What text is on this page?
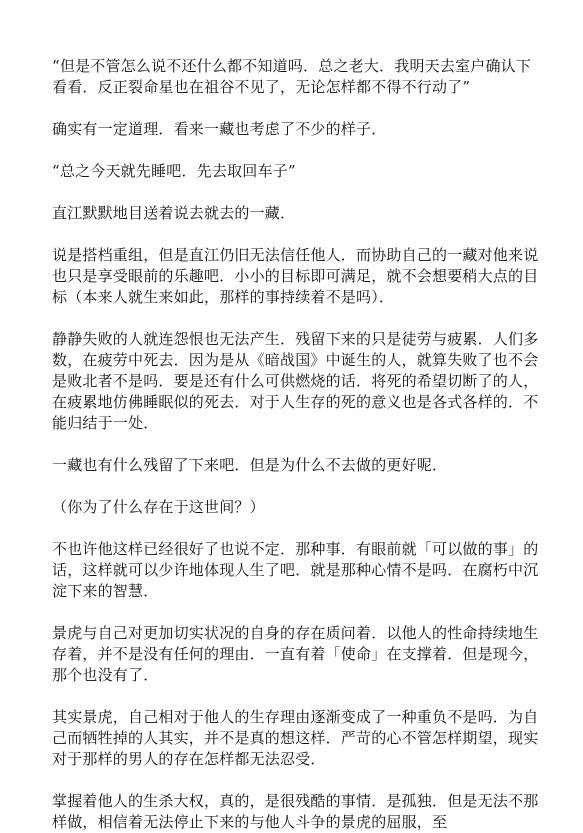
“但是不管怎么说不还什么都不知道吗．总之老大．我明天去室户确认下看看．反正裂命星也在祖谷不见了，无论怎样都不得不行动了”

确实有一定道理．看来一藏也考虑了不少的样子．

“总之今天就先睡吧．先去取回车子”

直江默默地目送着说去就去的一藏．

说是搭档重组，但是直江仍旧无法信任他人．而协助自己的一藏对他来说也只是享受眼前的乐趣吧．小小的目标即可满足，就不会想要稍大点的目标（本来人就生来如此，那样的事持续着不是吗）．

静静失败的人就连怨恨也无法产生．残留下来的只是徒劳与疲累．人们多数，在疲劳中死去．因为是从《暗战国》中诞生的人，就算失败了也不会是败北者不是吗．要是还有什么可供燃烧的话．将死的希望切断了的人，在疲累地仿佛睡眠似的死去．对于人生存的死的意义也是各式各样的．不能归结于一处．

一藏也有什么残留了下来吧．但是为什么不去做的更好呢．

（你为了什么存在于这世间？）

不也许他这样已经很好了也说不定．那种事．有眼前就「可以做的事」的话，这样就可以少许地体现人生了吧．就是那种心情不是吗．在腐朽中沉淀下来的智慧．

景虎与自己对更加切实状况的自身的存在质问着．以他人的性命持续地生存着，并不是没有任何的理由．一直有着「使命」在支撑着．但是现今，那个也没有了．

其实景虎，自己相对于他人的生存理由逐渐变成了一种重负不是吗．为自己而牺牲掉的人其实，并不是真的想这样．严苛的心不管怎样期望，现实对于那样的男人的存在怎样都无法忍受．

掌握着他人的生杀大权，真的，是很残酷的事情．是孤独．但是无法不那样做，相信着无法停止下来的与他人斗争的景虎的屈服，至
